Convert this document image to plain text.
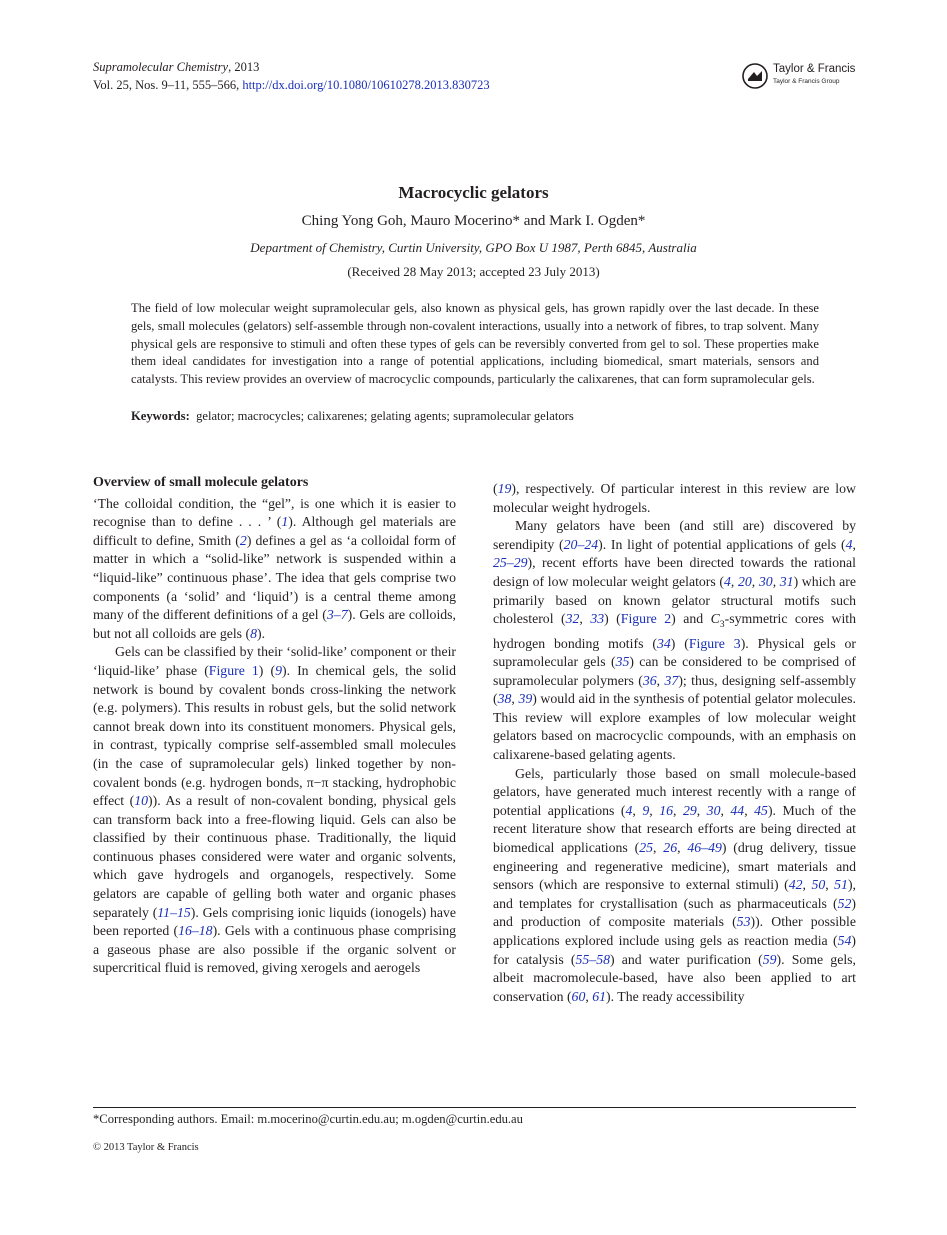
Supramolecular Chemistry, 2013
Vol. 25, Nos. 9–11, 555–566, http://dx.doi.org/10.1080/10610278.2013.830723
Taylor & Francis
Taylor & Francis Group
Macrocyclic gelators
Ching Yong Goh, Mauro Mocerino* and Mark I. Ogden*
Department of Chemistry, Curtin University, GPO Box U 1987, Perth 6845, Australia
(Received 28 May 2013; accepted 23 July 2013)
The field of low molecular weight supramolecular gels, also known as physical gels, has grown rapidly over the last decade. In these gels, small molecules (gelators) self-assemble through non-covalent interactions, usually into a network of fibres, to trap solvent. Many physical gels are responsive to stimuli and often these types of gels can be reversibly converted from gel to sol. These properties make them ideal candidates for investigation into a range of potential applications, including biomedical, smart materials, sensors and catalysts. This review provides an overview of macrocyclic compounds, particularly the calixarenes, that can form supramolecular gels.
Keywords: gelator; macrocycles; calixarenes; gelating agents; supramolecular gelators
Overview of small molecule gelators

‘The colloidal condition, the “gel”, is one which it is easier to recognise than to define . . . ’ (1). Although gel materials are difficult to define, Smith (2) defines a gel as ‘a colloidal form of matter in which a “solid-like” network is suspended within a “liquid-like” continuous phase’. The idea that gels comprise two components (a ‘solid’ and ‘liquid’) is a central theme among many of the different definitions of a gel (3–7). Gels are colloids, but not all colloids are gels (8).

Gels can be classified by their ‘solid-like’ component or their ‘liquid-like’ phase (Figure 1) (9). In chemical gels, the solid network is bound by covalent bonds cross-linking the network (e.g. polymers). This results in robust gels, but the solid network cannot break down into its constituent monomers. Physical gels, in contrast, typically comprise self-assembled small molecules (in the case of supramolecular gels) linked together by non-covalent bonds (e.g. hydrogen bonds, π−π stacking, hydrophobic effect (10)). As a result of non-covalent bonding, physical gels can transform back into a free-flowing liquid. Gels can also be classified by their continuous phase. Traditionally, the liquid continuous phases considered were water and organic solvents, which gave hydrogels and organogels, respectively. Some gelators are capable of gelling both water and organic phases separately (11–15). Gels comprising ionic liquids (ionogels) have been reported (16–18). Gels with a continuous phase comprising a gaseous phase are also possible if the organic solvent or supercritical fluid is removed, giving xerogels and aerogels

(19), respectively. Of particular interest in this review are low molecular weight hydrogels.

Many gelators have been (and still are) discovered by serendipity (20–24). In light of potential applications of gels (4, 25–29), recent efforts have been directed towards the rational design of low molecular weight gelators (4, 20, 30, 31) which are primarily based on known gelator structural motifs such cholesterol (32, 33) (Figure 2) and $C_3$-symmetric cores with hydrogen bonding motifs (34) (Figure 3). Physical gels or supramolecular gels (35) can be considered to be comprised of supramolecular polymers (36, 37); thus, designing self-assembly (38, 39) would aid in the synthesis of potential gelator molecules. This review will explore examples of low molecular weight gelators based on macrocyclic compounds, with an emphasis on calixarene-based gelating agents.

Gels, particularly those based on small molecule-based gelators, have generated much interest recently with a range of potential applications (4, 9, 16, 29, 30, 44, 45). Much of the recent literature show that research efforts are being directed at biomedical applications (25, 26, 46–49) (drug delivery, tissue engineering and regenerative medicine), smart materials and sensors (which are responsive to external stimuli) (42, 50, 51), and templates for crystallisation (such as pharmaceuticals (52) and production of composite materials (53)). Other possible applications explored include using gels as reaction media (54) for catalysis (55–58) and water purification (59). Some gels, albeit macromolecule-based, have also been applied to art conservation (60, 61). The ready accessibility

*Corresponding authors. Email: m.mocerino@curtin.edu.au; m.ogden@curtin.edu.au
© 2013 Taylor & Francis
